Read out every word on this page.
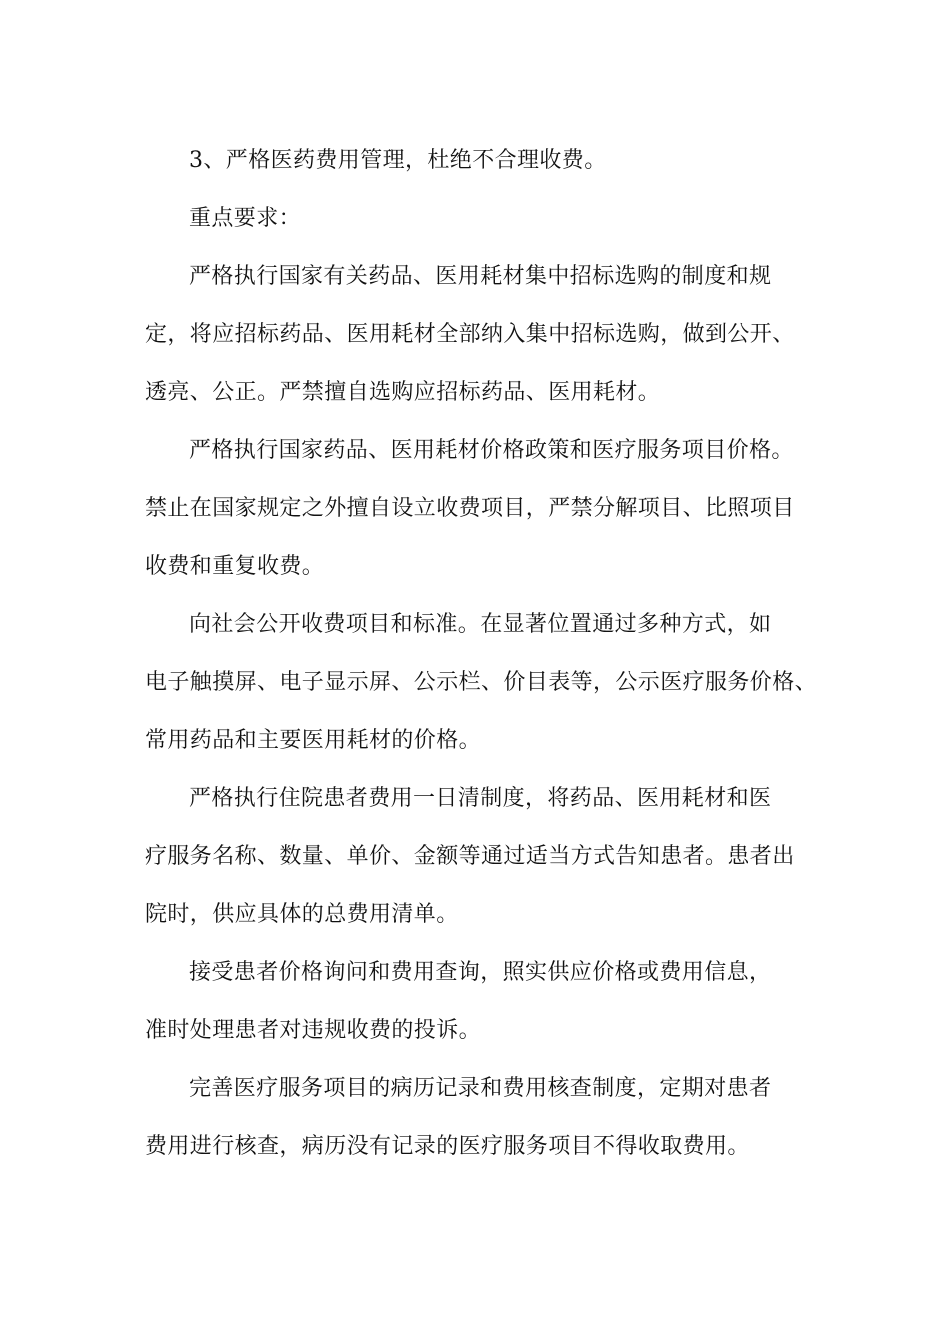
3、严格医药费用管理，杜绝不合理收费。

重点要求：

严格执行国家有关药品、医用耗材集中招标选购的制度和规
定，将应招标药品、医用耗材全部纳入集中招标选购，做到公开、
透亮、公正。严禁擅自选购应招标药品、医用耗材。

严格执行国家药品、医用耗材价格政策和医疗服务项目价格。
禁止在国家规定之外擅自设立收费项目，严禁分解项目、比照项目
收费和重复收费。

向社会公开收费项目和标准。在显著位置通过多种方式，如
电子触摸屏、电子显示屏、公示栏、价目表等，公示医疗服务价格、
常用药品和主要医用耗材的价格。

严格执行住院患者费用一日清制度，将药品、医用耗材和医
疗服务名称、数量、单价、金额等通过适当方式告知患者。患者出
院时，供应具体的总费用清单。

接受患者价格询问和费用查询，照实供应价格或费用信息，
准时处理患者对违规收费的投诉。

完善医疗服务项目的病历记录和费用核查制度，定期对患者
费用进行核查，病历没有记录的医疗服务项目不得收取费用。
